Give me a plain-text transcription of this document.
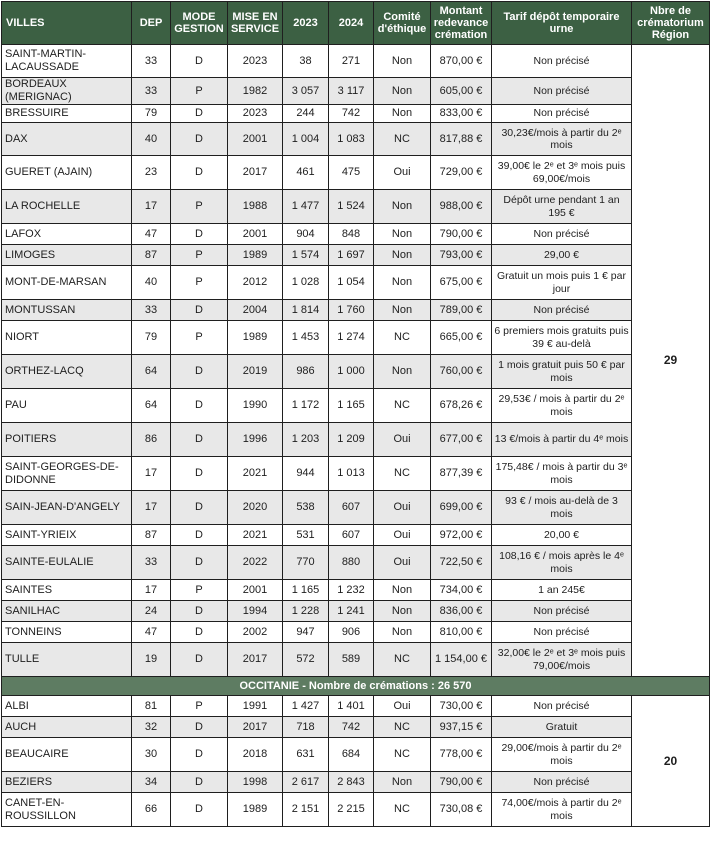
VILLES	DEP	MODE GESTION	MISE EN SERVICE	2023	2024	Comité d'éthique	Montant redevance crémation	Tarif dépôt temporaire urne	Nbre de crématorium Région
SAINT-MARTIN-LACAUSSADE	33	D	2023	38	271	Non	870,00 €	Non précisé	29
BORDEAUX (MERIGNAC)	33	P	1982	3 057	3 117	Non	605,00 €	Non précisé	
BRESSUIRE	79	D	2023	244	742	Non	833,00 €	Non précisé	
DAX	40	D	2001	1 004	1 083	NC	817,88 €	30,23€/mois à partir du 2ᵉ mois	
GUERET (AJAIN)	23	D	2017	461	475	Oui	729,00 €	39,00€ le 2ᵉ et 3ᵉ mois puis 69,00€/mois	
LA ROCHELLE	17	P	1988	1 477	1 524	Non	988,00 €	Dépôt urne pendant 1 an 195 €	
LAFOX	47	D	2001	904	848	Non	790,00 €	Non précisé	
LIMOGES	87	P	1989	1 574	1 697	Non	793,00 €	29,00 €	
MONT-DE-MARSAN	40	P	2012	1 028	1 054	Non	675,00 €	Gratuit un mois puis 1 € par jour	
MONTUSSAN	33	D	2004	1 814	1 760	Non	789,00 €	Non précisé	
NIORT	79	P	1989	1 453	1 274	NC	665,00 €	6 premiers mois gratuits puis 39 € au-delà	
ORTHEZ-LACQ	64	D	2019	986	1 000	Non	760,00 €	1 mois gratuit puis 50 € par mois	
PAU	64	D	1990	1 172	1 165	NC	678,26 €	29,53€ / mois à partir du 2ᵉ mois	
POITIERS	86	D	1996	1 203	1 209	Oui	677,00 €	13 €/mois à partir du 4ᵉ mois	
SAINT-GEORGES-DE-DIDONNE	17	D	2021	944	1 013	NC	877,39 €	175,48€ / mois à partir du 3ᵉ mois	
SAIN-JEAN-D'ANGELY	17	D	2020	538	607	Oui	699,00 €	93 € / mois au-delà de 3 mois	
SAINT-YRIEIX	87	D	2021	531	607	Oui	972,00 €	20,00 €	
SAINTE-EULALIE	33	D	2022	770	880	Oui	722,50 €	108,16 € / mois après le 4ᵉ mois	
SAINTES	17	P	2001	1 165	1 232	Non	734,00 €	1 an 245€	
SANILHAC	24	D	1994	1 228	1 241	Non	836,00 €	Non précisé	
TONNEINS	47	D	2002	947	906	Non	810,00 €	Non précisé	
TULLE	19	D	2017	572	589	NC	1 154,00 €	32,00€ le 2ᵉ et 3ᵉ mois puis 79,00€/mois	
OCCITANIE - Nombre de crémations : 26 570									
ALBI	81	P	1991	1 427	1 401	Oui	730,00 €	Non précisé	20
AUCH	32	D	2017	718	742	NC	937,15 €	Gratuit	
BEAUCAIRE	30	D	2018	631	684	NC	778,00 €	29,00€/mois à partir du 2ᵉ mois	
BEZIERS	34	D	1998	2 617	2 843	Non	790,00 €	Non précisé	
CANET-EN- ROUSSILLON	66	D	1989	2 151	2 215	NC	730,08 €	74,00€/mois à partir du 2ᵉ mois	
